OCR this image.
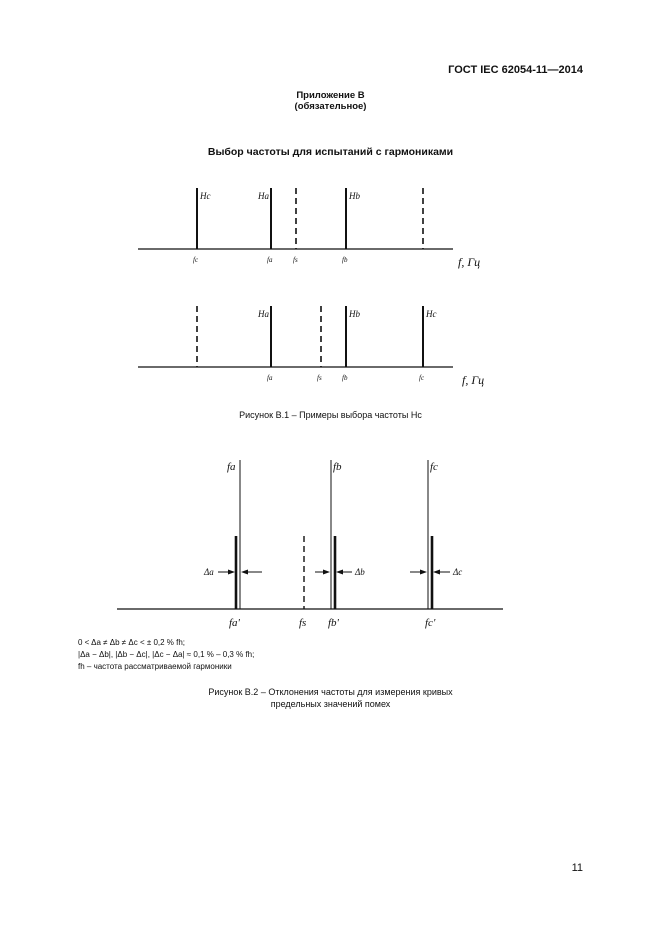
ГОСТ IEC 62054-11—2014
Приложение В
(обязательное)
Выбор частоты для испытаний с гармониками
Hc	Ha	Hb
fc	fa	fs	fb	f, Гц
Ha	Hb	Hc
fa	fs	fb	fc	f, Гц
fa	fb	fc
Δa	Δb	Δc
fa'	fs fb'	fc'
Рисунок В.1 – Примеры выбора частоты Hc
0 < Δa ≠ Δb ≠ Δc < ± 0,2 % fh;
|Δa − Δb|, |Δb − Δc|, |Δc − Δa| ≈ 0,1 % – 0,3 % fh;
fh – частота рассматриваемой гармоники
Рисунок В.2 – Отклонения частоты для измерения кривых
предельных значений помех
11
